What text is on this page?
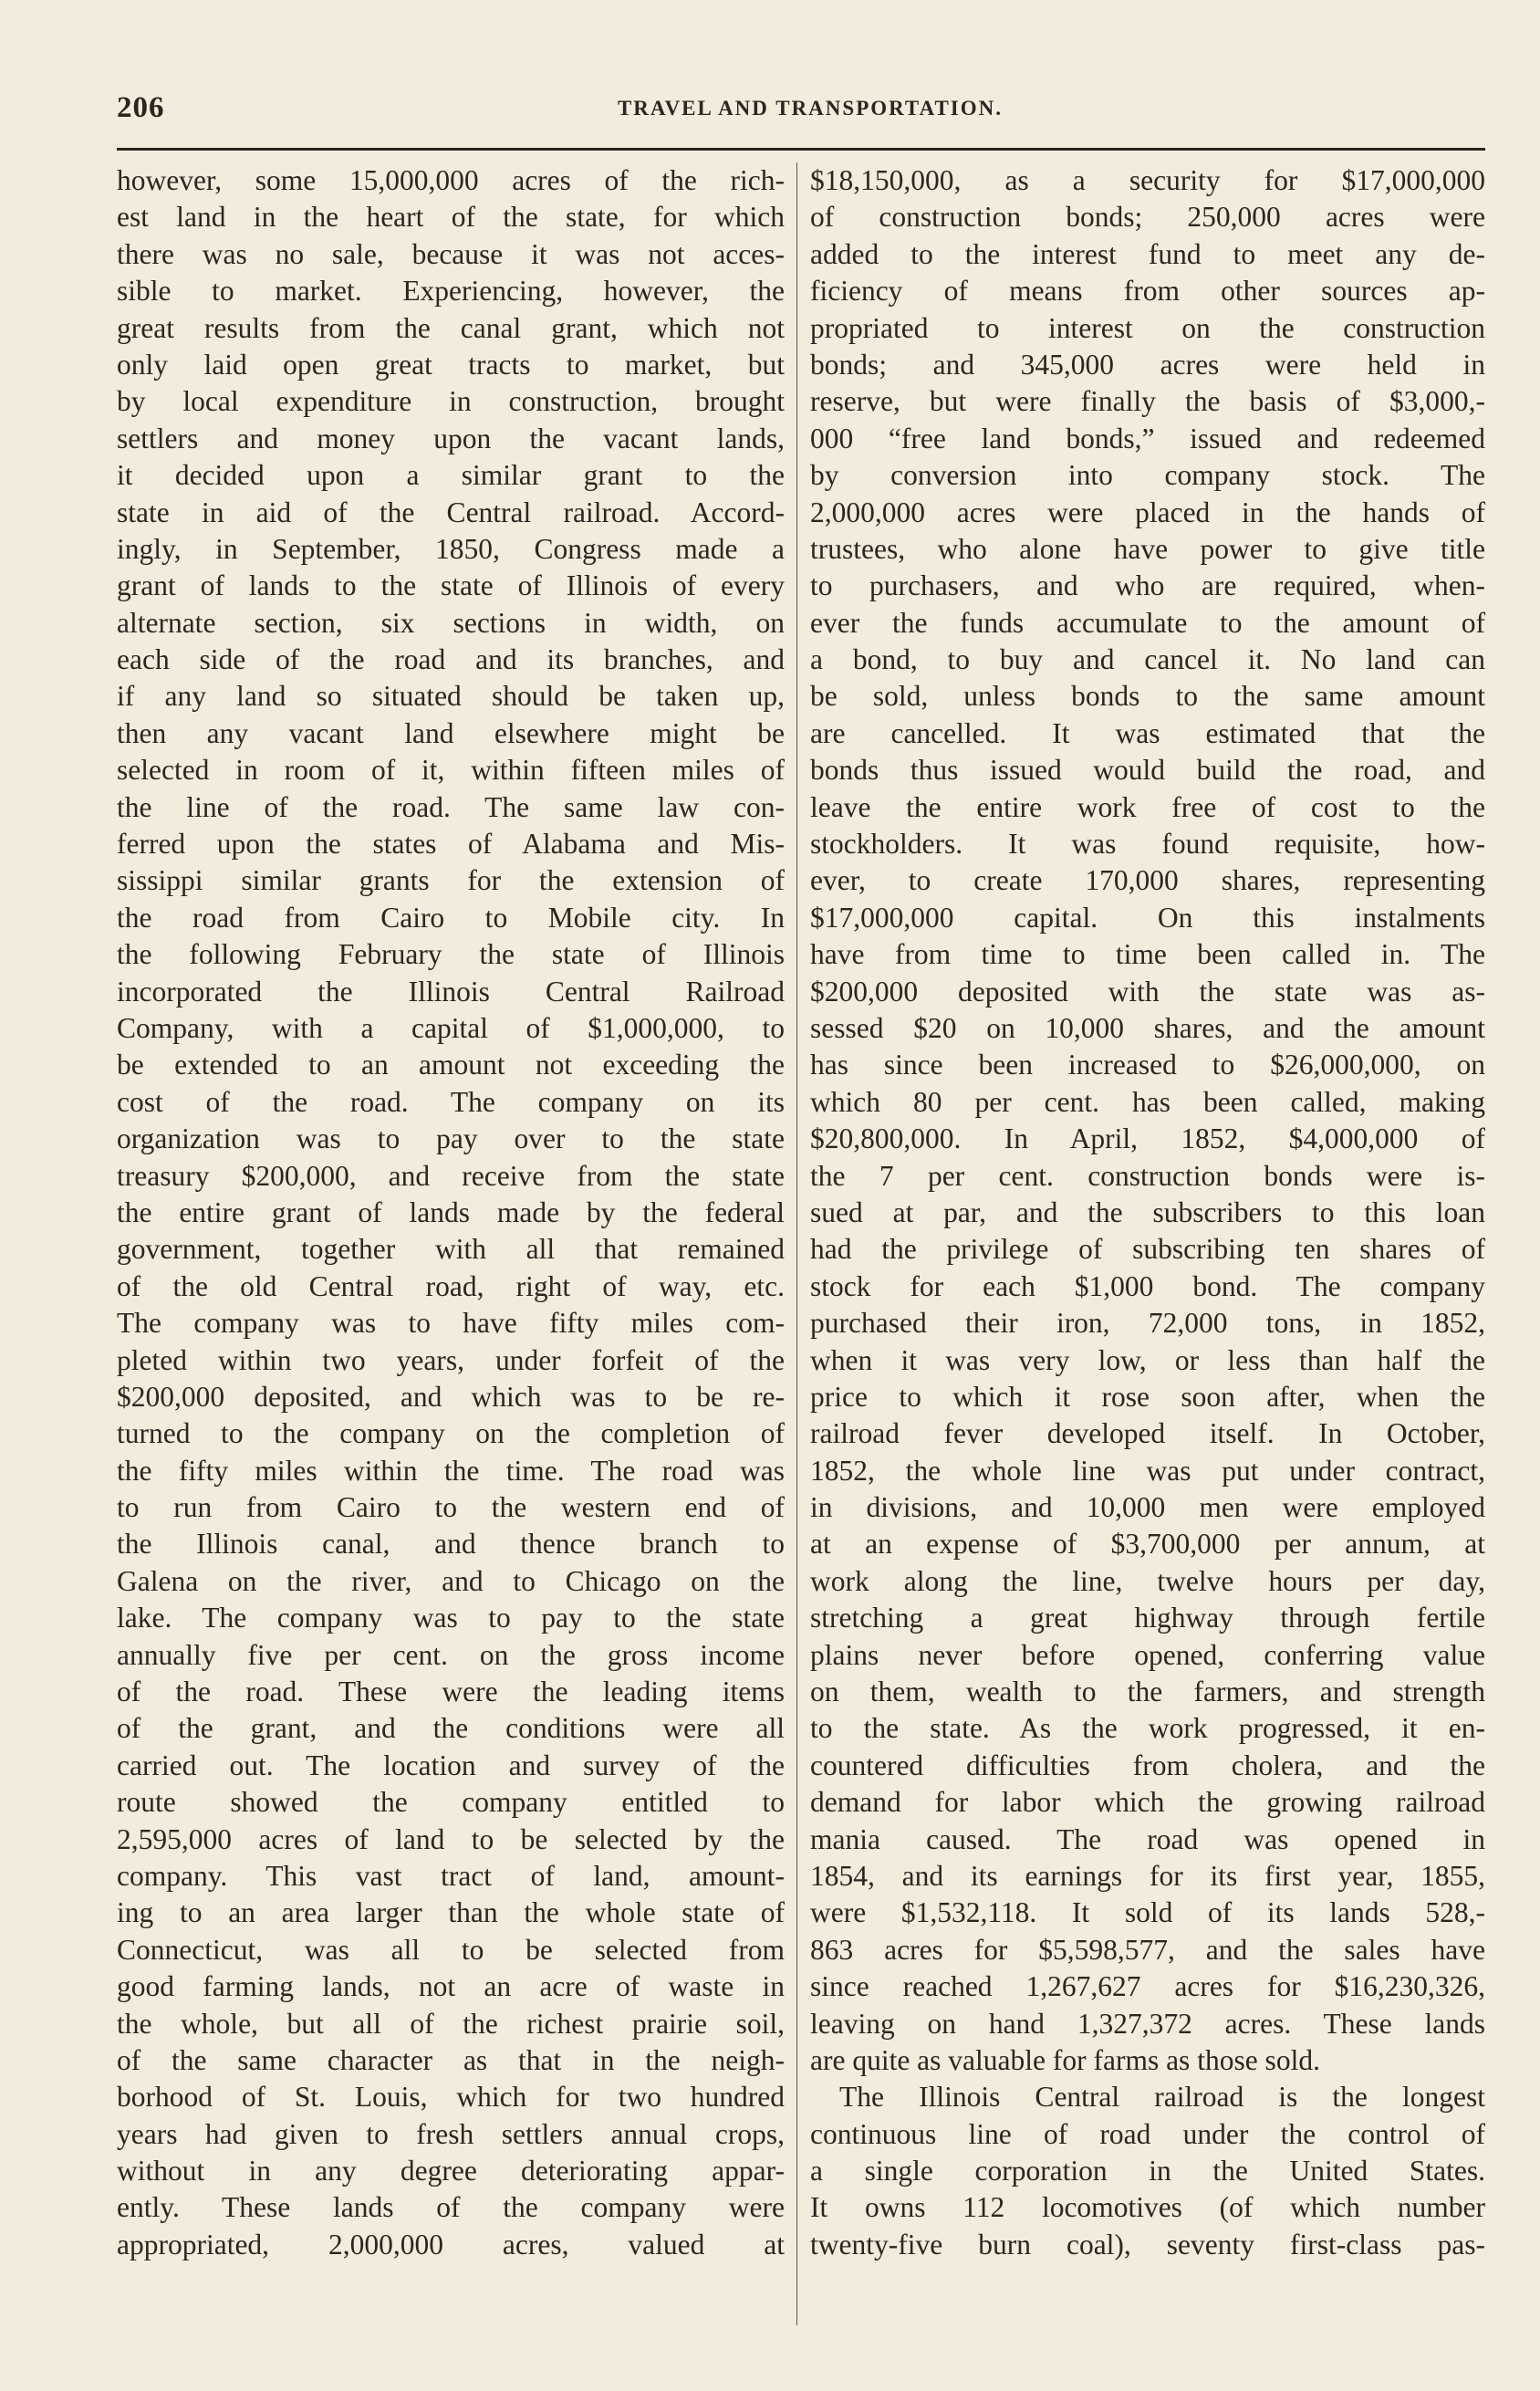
206	TRAVEL AND TRANSPORTATION.
however, some 15,000,000 acres of the rich-
est land in the heart of the state, for which
there was no sale, because it was not acces-
sible to market. Experiencing, however, the
great results from the canal grant, which not
only laid open great tracts to market, but
by local expenditure in construction, brought
settlers and money upon the vacant lands,
it decided upon a similar grant to the
state in aid of the Central railroad. Accord-
ingly, in September, 1850, Congress made a
grant of lands to the state of Illinois of every
alternate section, six sections in width, on
each side of the road and its branches, and
if any land so situated should be taken up,
then any vacant land elsewhere might be
selected in room of it, within fifteen miles of
the line of the road. The same law con-
ferred upon the states of Alabama and Mis-
sissippi similar grants for the extension of
the road from Cairo to Mobile city. In
the following February the state of Illinois
incorporated the Illinois Central Railroad
Company, with a capital of $1,000,000, to
be extended to an amount not exceeding the
cost of the road. The company on its
organization was to pay over to the state
treasury $200,000, and receive from the state
the entire grant of lands made by the federal
government, together with all that remained
of the old Central road, right of way, etc.
The company was to have fifty miles com-
pleted within two years, under forfeit of the
$200,000 deposited, and which was to be re-
turned to the company on the completion of
the fifty miles within the time. The road was
to run from Cairo to the western end of
the Illinois canal, and thence branch to
Galena on the river, and to Chicago on the
lake. The company was to pay to the state
annually five per cent. on the gross income
of the road. These were the leading items
of the grant, and the conditions were all
carried out. The location and survey of the
route showed the company entitled to
2,595,000 acres of land to be selected by the
company. This vast tract of land, amount-
ing to an area larger than the whole state of
Connecticut, was all to be selected from
good farming lands, not an acre of waste in
the whole, but all of the richest prairie soil,
of the same character as that in the neigh-
borhood of St. Louis, which for two hundred
years had given to fresh settlers annual crops,
without in any degree deteriorating appar-
ently. These lands of the company were
appropriated, 2,000,000 acres, valued at
$18,150,000, as a security for $17,000,000
of construction bonds; 250,000 acres were
added to the interest fund to meet any de-
ficiency of means from other sources ap-
propriated to interest on the construction
bonds; and 345,000 acres were held in
reserve, but were finally the basis of $3,000,-
000 “free land bonds,” issued and redeemed
by conversion into company stock. The
2,000,000 acres were placed in the hands of
trustees, who alone have power to give title
to purchasers, and who are required, when-
ever the funds accumulate to the amount of
a bond, to buy and cancel it. No land can
be sold, unless bonds to the same amount
are cancelled. It was estimated that the
bonds thus issued would build the road, and
leave the entire work free of cost to the
stockholders. It was found requisite, how-
ever, to create 170,000 shares, representing
$17,000,000 capital. On this instalments
have from time to time been called in. The
$200,000 deposited with the state was as-
sessed $20 on 10,000 shares, and the amount
has since been increased to $26,000,000, on
which 80 per cent. has been called, making
$20,800,000. In April, 1852, $4,000,000 of
the 7 per cent. construction bonds were is-
sued at par, and the subscribers to this loan
had the privilege of subscribing ten shares of
stock for each $1,000 bond. The company
purchased their iron, 72,000 tons, in 1852,
when it was very low, or less than half the
price to which it rose soon after, when the
railroad fever developed itself. In October,
1852, the whole line was put under contract,
in divisions, and 10,000 men were employed
at an expense of $3,700,000 per annum, at
work along the line, twelve hours per day,
stretching a great highway through fertile
plains never before opened, conferring value
on them, wealth to the farmers, and strength
to the state. As the work progressed, it en-
countered difficulties from cholera, and the
demand for labor which the growing railroad
mania caused. The road was opened in
1854, and its earnings for its first year, 1855,
were $1,532,118. It sold of its lands 528,-
863 acres for $5,598,577, and the sales have
since reached 1,267,627 acres for $16,230,326,
leaving on hand 1,327,372 acres. These lands
are quite as valuable for farms as those sold.
The Illinois Central railroad is the longest
continuous line of road under the control of
a single corporation in the United States.
It owns 112 locomotives (of which number
twenty-five burn coal), seventy first-class pas-
